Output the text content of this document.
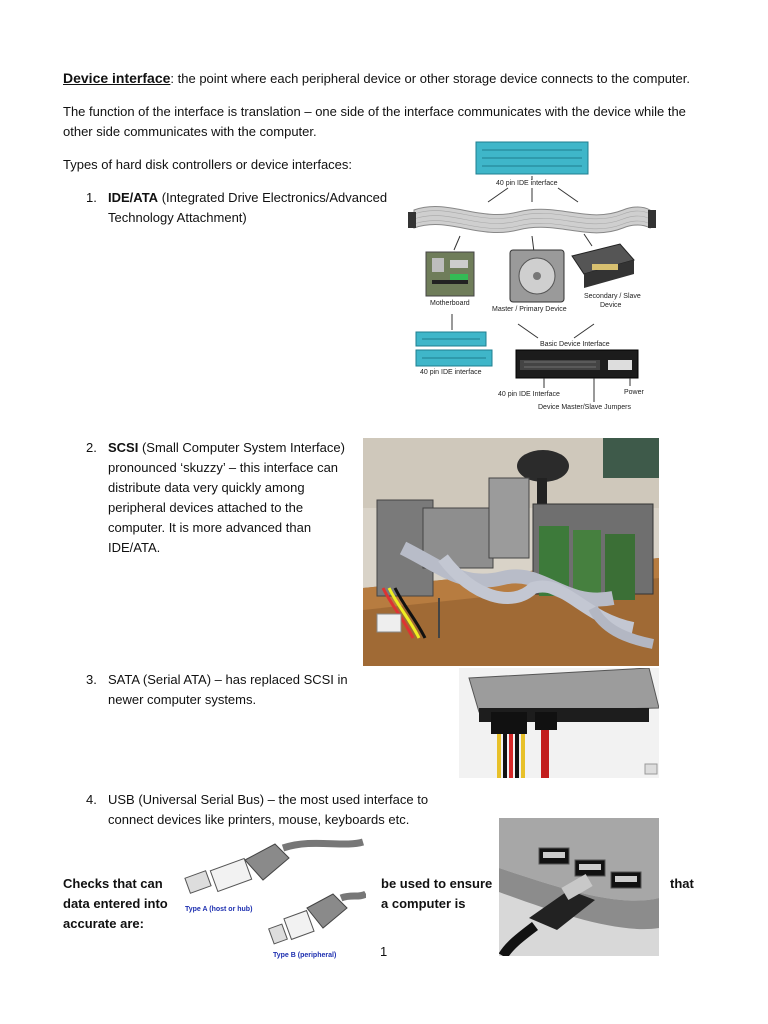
Device interface: the point where each peripheral device or other storage device connects to the computer.
The function of the interface is translation – one side of the interface communicates with the device while the
other side communicates with the computer.
Types of hard disk controllers or device interfaces:
1. IDE/ATA (Integrated Drive Electronics/Advanced
Technology Attachment)
40 pin IDE interface
Motherboard
Master / Primary Device
Secondary / Slave
Device
Basic Device Interface
40 pin IDE interface
40 pin IDE Interface	Power
Device Master/Slave Jumpers
2. SCSI (Small Computer System Interface)
pronounced ‘skuzzy’ – this interface can
distribute data very quickly among
peripheral devices attached to the
computer. It is more advanced than
IDE/ATA.
3. SATA (Serial ATA) – has replaced SCSI in
newer computer systems.
4. USB (Universal Serial Bus) – the most used interface to
connect devices like printers, mouse, keyboards etc.
Type A (host or hub)
Type B (peripheral)
Checks that can
data entered into
accurate are:
be used to ensure
a computer is
that
1
